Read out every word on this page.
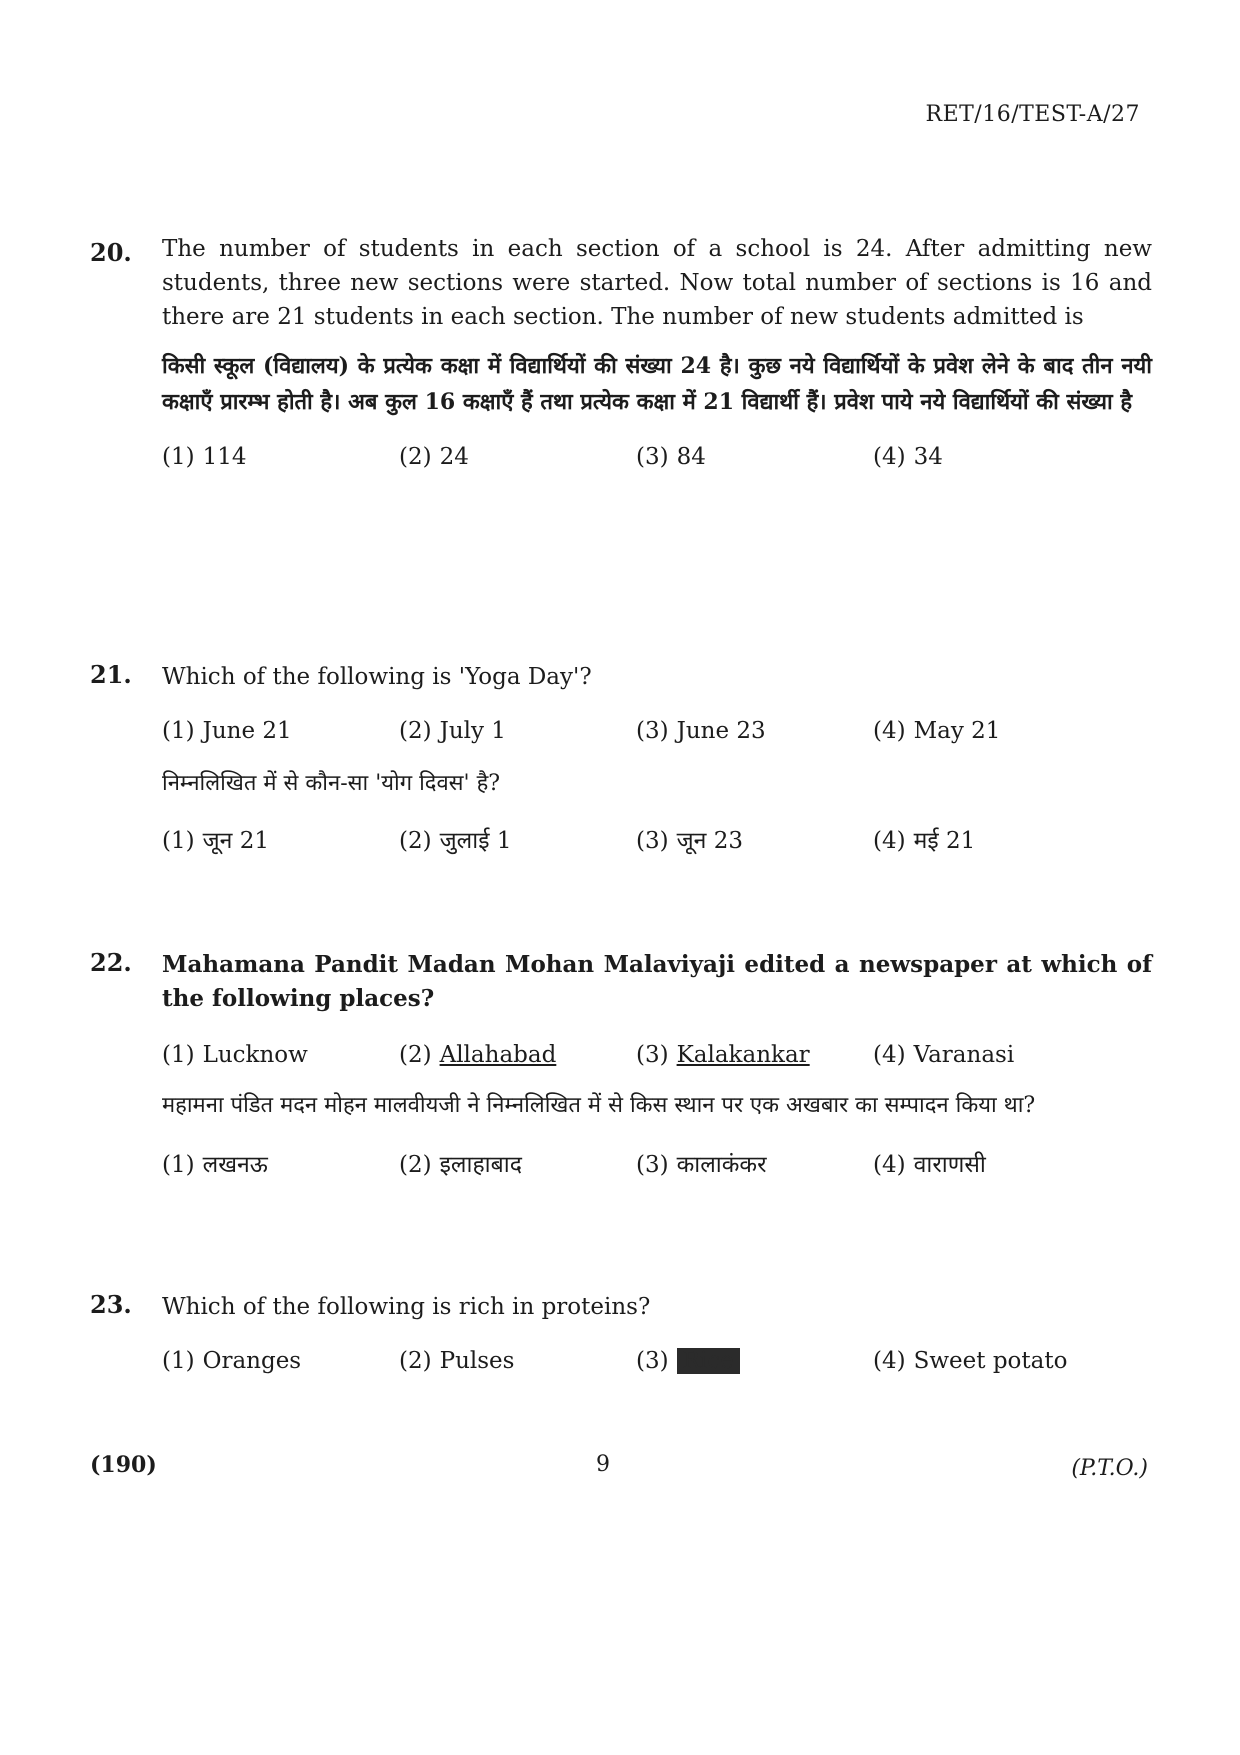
RET/16/TEST-A/27
20.	The number of students in each section of a school is 24. After admitting new students, three new sections were started. Now total number of sections is 16 and there are 21 students in each section. The number of new students admitted is
किसी स्कूल (विद्यालय) के प्रत्येक कक्षा में विद्यार्थियों की संख्या 24 है। कुछ नये विद्यार्थियों के प्रवेश लेने के बाद तीन नयी कक्षाएँ प्रारम्भ होती है। अब कुल 16 कक्षाएँ हैं तथा प्रत्येक कक्षा में 21 विद्यार्थी हैं। प्रवेश पाये नये विद्यार्थियों की संख्या है
(1) 114	(2) 24	(3) 84	(4) 34
21.	Which of the following is 'Yoga Day'?
(1) June 21	(2) July 1	(3) June 23	(4) May 21
निम्नलिखित में से कौन-सा 'योग दिवस' है?
(1) जून 21	(2) जुलाई 1	(3) जून 23	(4) मई 21
22.	Mahamana Pandit Madan Mohan Malaviyaji edited a newspaper at which of the following places?
(1) Lucknow	(2) Allahabad	(3) Kalakankar	(4) Varanasi
महामना पंडित मदन मोहन मालवीयजी ने निम्नलिखित में से किस स्थान पर एक अखबार का सम्पादन किया था?
(1) लखनऊ	(2) इलाहाबाद	(3) कालाकंकर	(4) वाराणसी
23.	Which of the following is rich in proteins?
(1) Oranges	(2) Pulses	(3) Rice	(4) Sweet potato
(190)	9	(P.T.O.)
